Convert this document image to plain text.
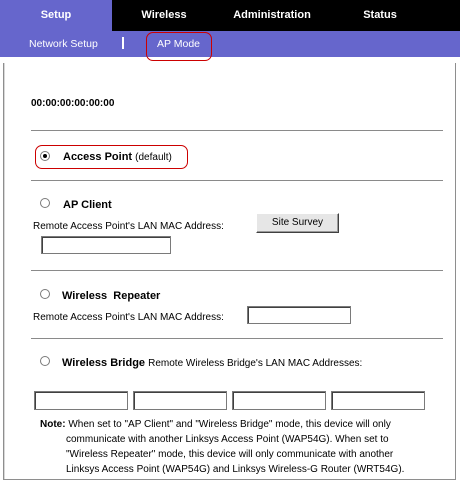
Setup	Wireless	Administration	Status
Network Setup	AP Mode
00:00:00:00:00:00
Access Point (default)
AP Client
Remote Access Point's LAN MAC Address:	Site Survey
Wireless  Repeater
Remote Access Point's LAN MAC Address:
Wireless Bridge Remote Wireless Bridge's LAN MAC Addresses:
Note: When set to "AP Client" and "Wireless Bridge" mode, this device will only
communicate with another Linksys Access Point (WAP54G). When set to
"Wireless Repeater" mode, this device will only communicate with another
Linksys Access Point (WAP54G) and Linksys Wireless-G Router (WRT54G).
